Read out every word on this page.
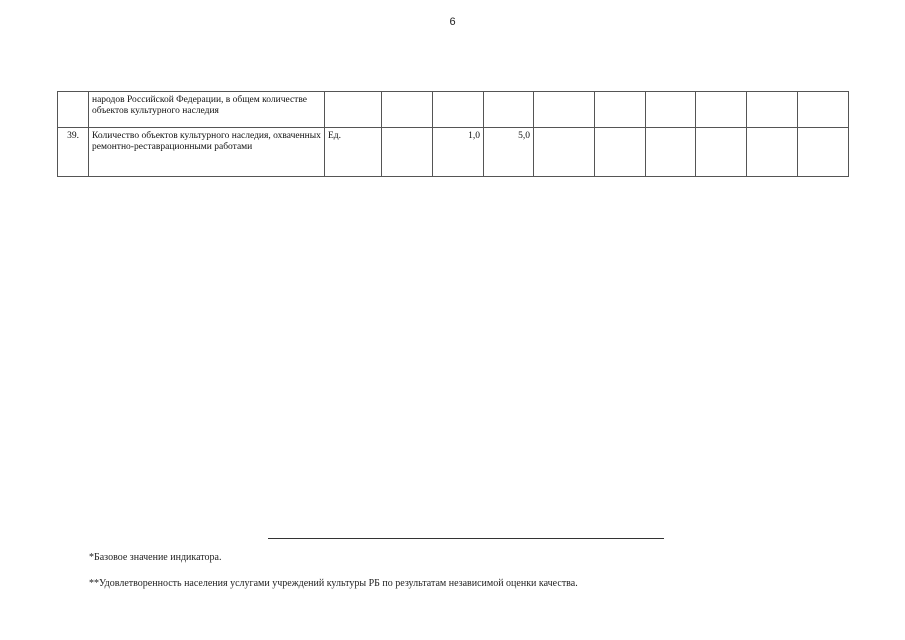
6
	народов Российской Федерации, в общем количестве объектов культурного наследия										
39.	Количество объектов культурного наследия, охваченных ремонтно-реставрационными работами	Ед.		1,0	5,0						
*Базовое значение индикатора.
**Удовлетворенность населения услугами учреждений культуры РБ по результатам независимой оценки качества.
